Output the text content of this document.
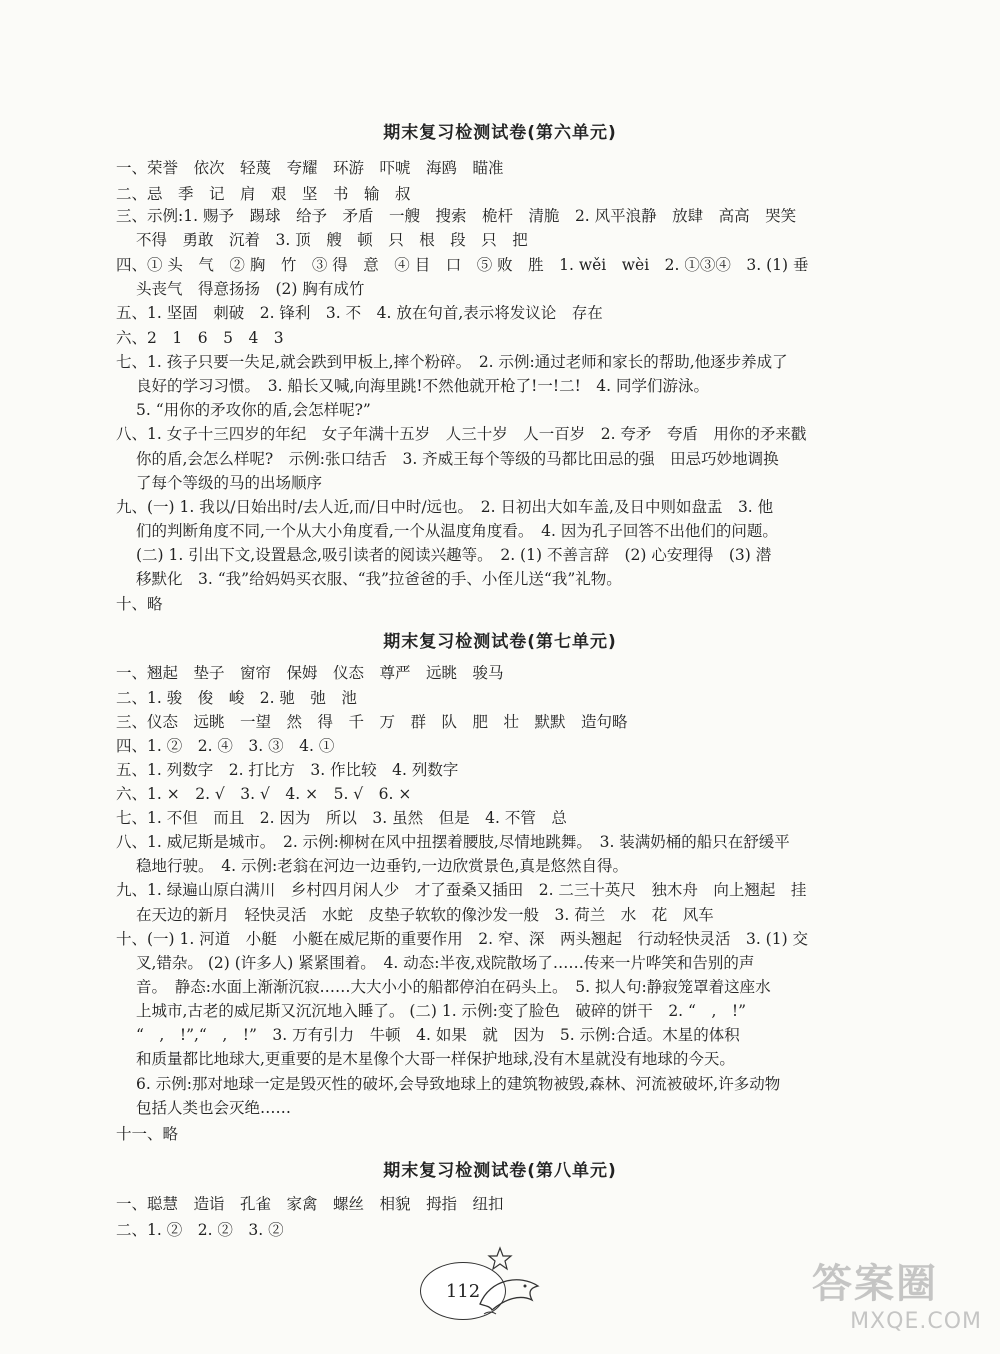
期末复习检测试卷(第六单元)
一、荣誉　依次　轻蔑　夸耀　环游　吓唬　海鸥　瞄准
二、忌　季　记　肩　艰　坚　书　输　叔
三、示例:1. 赐予　踢球　给予　矛盾　一艘　搜索　桅杆　清脆　2. 风平浪静　放肆　高高　哭笑
不得　勇敢　沉着　3. 顶　艘　顿　只　根　段　只　把
四、① 头　气　② 胸　竹　③ 得　意　④ 目　口　⑤ 败　胜　1. wěi　wèi　2. ①③④　3. (1) 垂
头丧气　得意扬扬　(2) 胸有成竹
五、1. 坚固　刺破　2. 锋利　3. 不　4. 放在句首,表示将发议论　存在
六、2　1　6　5　4　3
七、1. 孩子只要一失足,就会跌到甲板上,摔个粉碎。　2. 示例:通过老师和家长的帮助,他逐步养成了
良好的学习习惯。　3. 船长又喊,向海里跳!不然他就开枪了!一!二!　4. 同学们游泳。
5. “用你的矛攻你的盾,会怎样呢?”
八、1. 女子十三四岁的年纪　女子年满十五岁　人三十岁　人一百岁　2. 夸矛　夸盾　用你的矛来戳
你的盾,会怎么样呢?　示例:张口结舌　3. 齐威王每个等级的马都比田忌的强　田忌巧妙地调换
了每个等级的马的出场顺序
九、(一) 1. 我以/日始出时/去人近,而/日中时/远也。　2. 日初出大如车盖,及日中则如盘盂　3. 他
们的判断角度不同,一个从大小角度看,一个从温度角度看。　4. 因为孔子回答不出他们的问题。
(二) 1. 引出下文,设置悬念,吸引读者的阅读兴趣等。　2. (1) 不善言辞　(2) 心安理得　(3) 潜
移默化　3. “我”给妈妈买衣服、“我”拉爸爸的手、小侄儿送“我”礼物。
十、略
期末复习检测试卷(第七单元)
一、翘起　垫子　窗帘　保姆　仪态　尊严　远眺　骏马
二、1. 骏　俊　峻　2. 驰　弛　池
三、仪态　远眺　一望　然　得　千　万　群　队　肥　壮　默默　造句略
四、1. ②　2. ④　3. ③　4. ①
五、1. 列数字　2. 打比方　3. 作比较　4. 列数字
六、1. ×　2. √　3. √　4. ×　5. √　6. ×
七、1. 不但　而且　2. 因为　所以　3. 虽然　但是　4. 不管　总
八、1. 威尼斯是城市。　2. 示例:柳树在风中扭摆着腰肢,尽情地跳舞。　3. 装满奶桶的船只在舒缓平
稳地行驶。　4. 示例:老翁在河边一边垂钓,一边欣赏景色,真是悠然自得。
九、1. 绿遍山原白满川　乡村四月闲人少　才了蚕桑又插田　2. 二三十英尺　独木舟　向上翘起　挂
在天边的新月　轻快灵活　水蛇　皮垫子软软的像沙发一般　3. 荷兰　水　花　风车
十、(一) 1. 河道　小艇　小艇在威尼斯的重要作用　2. 窄、深　两头翘起　行动轻快灵活　3. (1) 交
叉,错杂。 (2) (许多人) 紧紧围着。　4. 动态:半夜,戏院散场了……传来一片哗笑和告别的声
音。　静态:水面上渐渐沉寂……大大小小的船都停泊在码头上。　5. 拟人句:静寂笼罩着这座水
上城市,古老的威尼斯又沉沉地入睡了。 (二) 1. 示例:变了脸色　破碎的饼干　2. “　,　!”
“　,　!”,“　,　!”　3. 万有引力　牛顿　4. 如果　就　因为　5. 示例:合适。木星的体积
和质量都比地球大,更重要的是木星像个大哥一样保护地球,没有木星就没有地球的今天。
6. 示例:那对地球一定是毁灭性的破坏,会导致地球上的建筑物被毁,森林、河流被破坏,许多动物
包括人类也会灭绝……
十一、略
期末复习检测试卷(第八单元)
一、聪慧　造诣　孔雀　家禽　螺丝　相貌　拇指　纽扣
二、1. ②　2. ②　3. ②
112	答案圈
MXQE.COM
